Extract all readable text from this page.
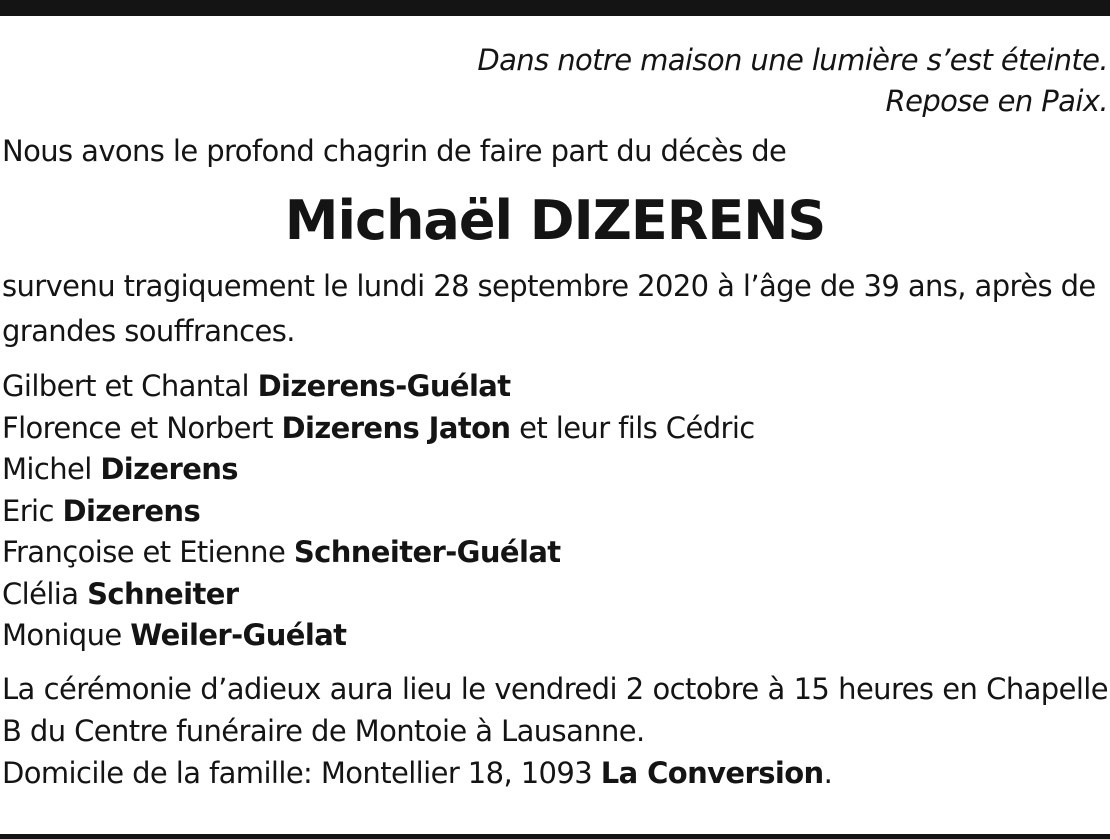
Dans notre maison une lumière s’est éteinte.
Repose en Paix.
Nous avons le profond chagrin de faire part du décès de
Michaël DIZERENS
survenu tragiquement le lundi 28 septembre 2020 à l’âge de 39 ans, après de grandes souffrances.
Gilbert et Chantal Dizerens-Guélat
Florence et Norbert Dizerens Jaton et leur fils Cédric
Michel Dizerens
Eric Dizerens
Françoise et Etienne Schneiter-Guélat
Clélia Schneiter
Monique Weiler-Guélat
La cérémonie d’adieux aura lieu le vendredi 2 octobre à 15 heures en Chapelle B du Centre funéraire de Montoie à Lausanne.
Domicile de la famille: Montellier 18, 1093 La Conversion.
